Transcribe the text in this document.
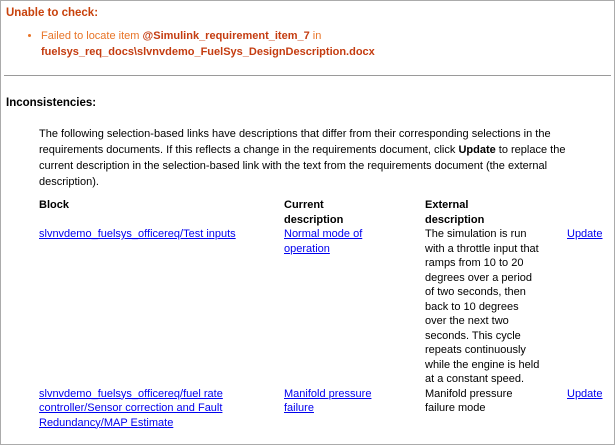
Unable to check:
• Failed to locate item @Simulink_requirement_item_7 in fuelsys_req_docs\slvnvdemo_FuelSys_DesignDescription.docx
Inconsistencies:

The following selection-based links have descriptions that differ from their corresponding selections in the requirements documents. If this reflects a change in the requirements document, click Update to replace the current description in the selection-based link with the text from the requirements document (the external description).

Block	Current description
External description
slvnvdemo_fuelsys_officereq/Test inputs	Normal mode of operation
The simulation is run with a throttle input that ramps from 10 to 20 degrees over a period of two seconds, then back to 10 degrees over the next two seconds. This cycle repeats continuously while the engine is held at a constant speed.
Update
slvnvdemo_fuelsys_officereq/fuel rate controller/Sensor correction and Fault Redundancy/MAP Estimate
Manifold pressure failure
Manifold pressure failure mode
Update
